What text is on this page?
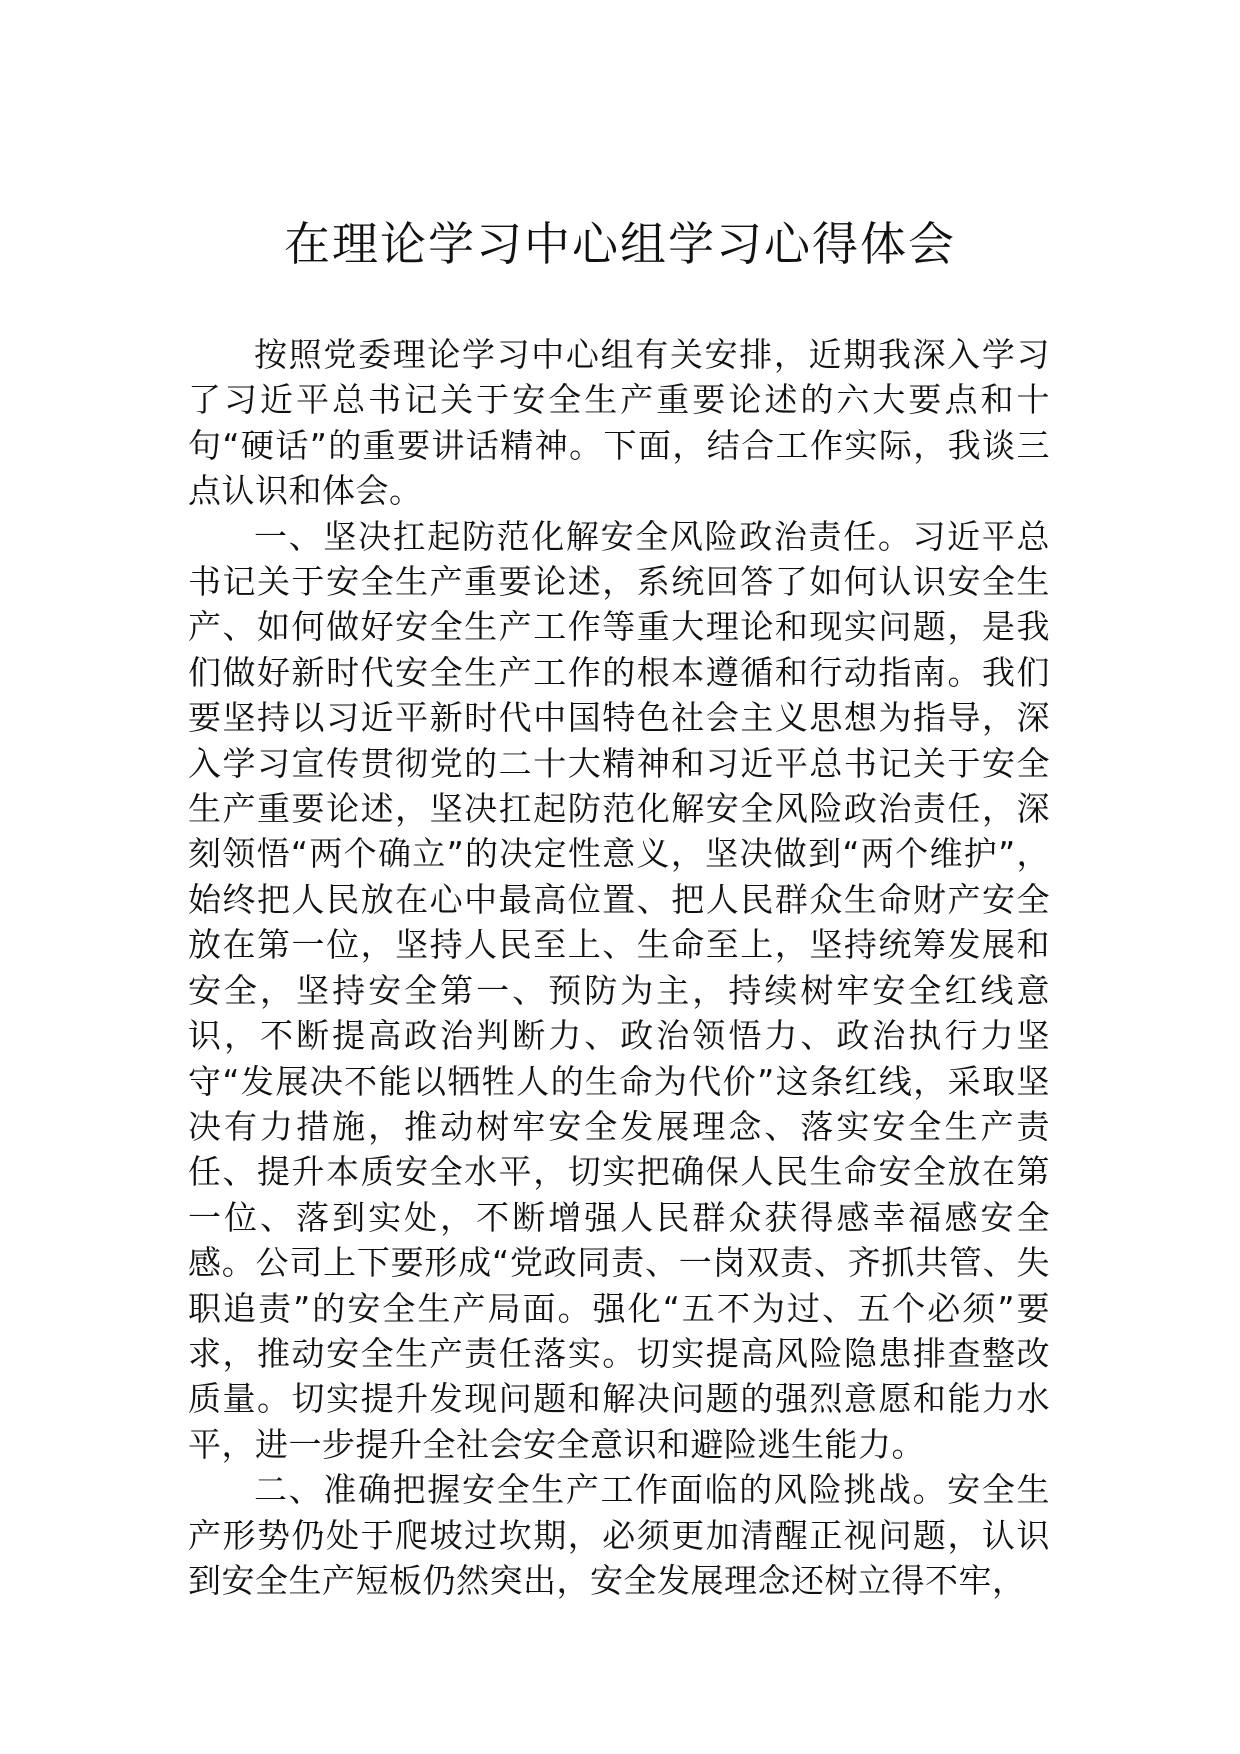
在理论学习中心组学习心得体会

按照党委理论学习中心组有关安排，近期我深入学习了习近平总书记关于安全生产重要论述的六大要点和十句“硬话”的重要讲话精神。下面，结合工作实际，我谈三点认识和体会。

一、坚决扛起防范化解安全风险政治责任。习近平总书记关于安全生产重要论述，系统回答了如何认识安全生产、如何做好安全生产工作等重大理论和现实问题，是我们做好新时代安全生产工作的根本遵循和行动指南。我们要坚持以习近平新时代中国特色社会主义思想为指导，深入学习宣传贯彻党的二十大精神和习近平总书记关于安全生产重要论述，坚决扛起防范化解安全风险政治责任，深刻领悟“两个确立”的决定性意义，坚决做到“两个维护”，始终把人民放在心中最高位置、把人民群众生命财产安全放在第一位，坚持人民至上、生命至上，坚持统筹发展和安全，坚持安全第一、预防为主，持续树牢安全红线意识，不断提高政治判断力、政治领悟力、政治执行力坚守“发展决不能以牺牲人的生命为代价”这条红线，采取坚决有力措施，推动树牢安全发展理念、落实安全生产责任、提升本质安全水平，切实把确保人民生命安全放在第一位、落到实处，不断增强人民群众获得感幸福感安全感。公司上下要形成“党政同责、一岗双责、齐抓共管、失职追责”的安全生产局面。强化“五不为过、五个必须”要求，推动安全生产责任落实。切实提高风险隐患排查整改质量。切实提升发现问题和解决问题的强烈意愿和能力水平，进一步提升全社会安全意识和避险逃生能力。

二、准确把握安全生产工作面临的风险挑战。安全生产形势仍处于爬坡过坎期，必须更加清醒正视问题，认识到安全生产短板仍然突出，安全发展理念还树立得不牢，
